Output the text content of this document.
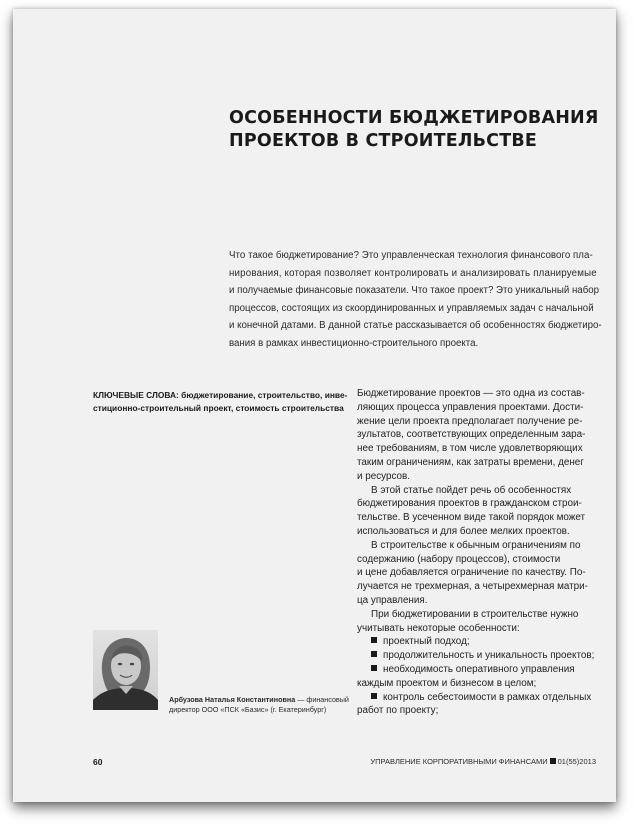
ОСОБЕННОСТИ БЮДЖЕТИРОВАНИЯ
ПРОЕКТОВ В СТРОИТЕЛЬСТВЕ

Что такое бюджетирование? Это управленческая технология финансового пла-
нирования, которая позволяет контролировать и анализировать планируемые
и получаемые финансовые показатели. Что такое проект? Это уникальный набор
процессов, состоящих из скоординированных и управляемых задач с начальной
и конечной датами. В данной статье рассказывается об особенностях бюджетиро-
вания в рамках инвестиционно-строительного проекта.

КЛЮЧЕВЫЕ СЛОВА: бюджетирование, строительство, инве-
стиционно-строительный проект, стоимость строительства
Бюджетирование проектов — это одна из состав-
ляющих процесса управления проектами. Дости-
жение цели проекта предполагает получение ре-
зультатов, соответствующих определенным зара-
нее требованиям, в том числе удовлетворяющих
таким ограничениям, как затраты времени, денег
и ресурсов.
В этой статье пойдет речь об особенностях
бюджетирования проектов в гражданском строи-
тельстве. В усеченном виде такой порядок может
использоваться и для более мелких проектов.
В строительстве к обычным ограничениям по
содержанию (набору процессов), стоимости
и цене добавляется ограничение по качеству. По-
лучается не трехмерная, а четырехмерная матри-
ца управления.
При бюджетировании в строительстве нужно
учитывать некоторые особенности:
проектный подход;
продолжительность и уникальность проектов;
необходимость оперативного управления
каждым проектом и бизнесом в целом;
контроль себестоимости в рамках отдельных
работ по проекту;
Арбузова Наталья Константиновна — финансовый
директор ООО «ПСК «Базис» (г. Екатеринбург)
60	УПРАВЛЕНИЕ КОРПОРАТИВНЫМИ ФИНАНСАМИ 01(55)2013
